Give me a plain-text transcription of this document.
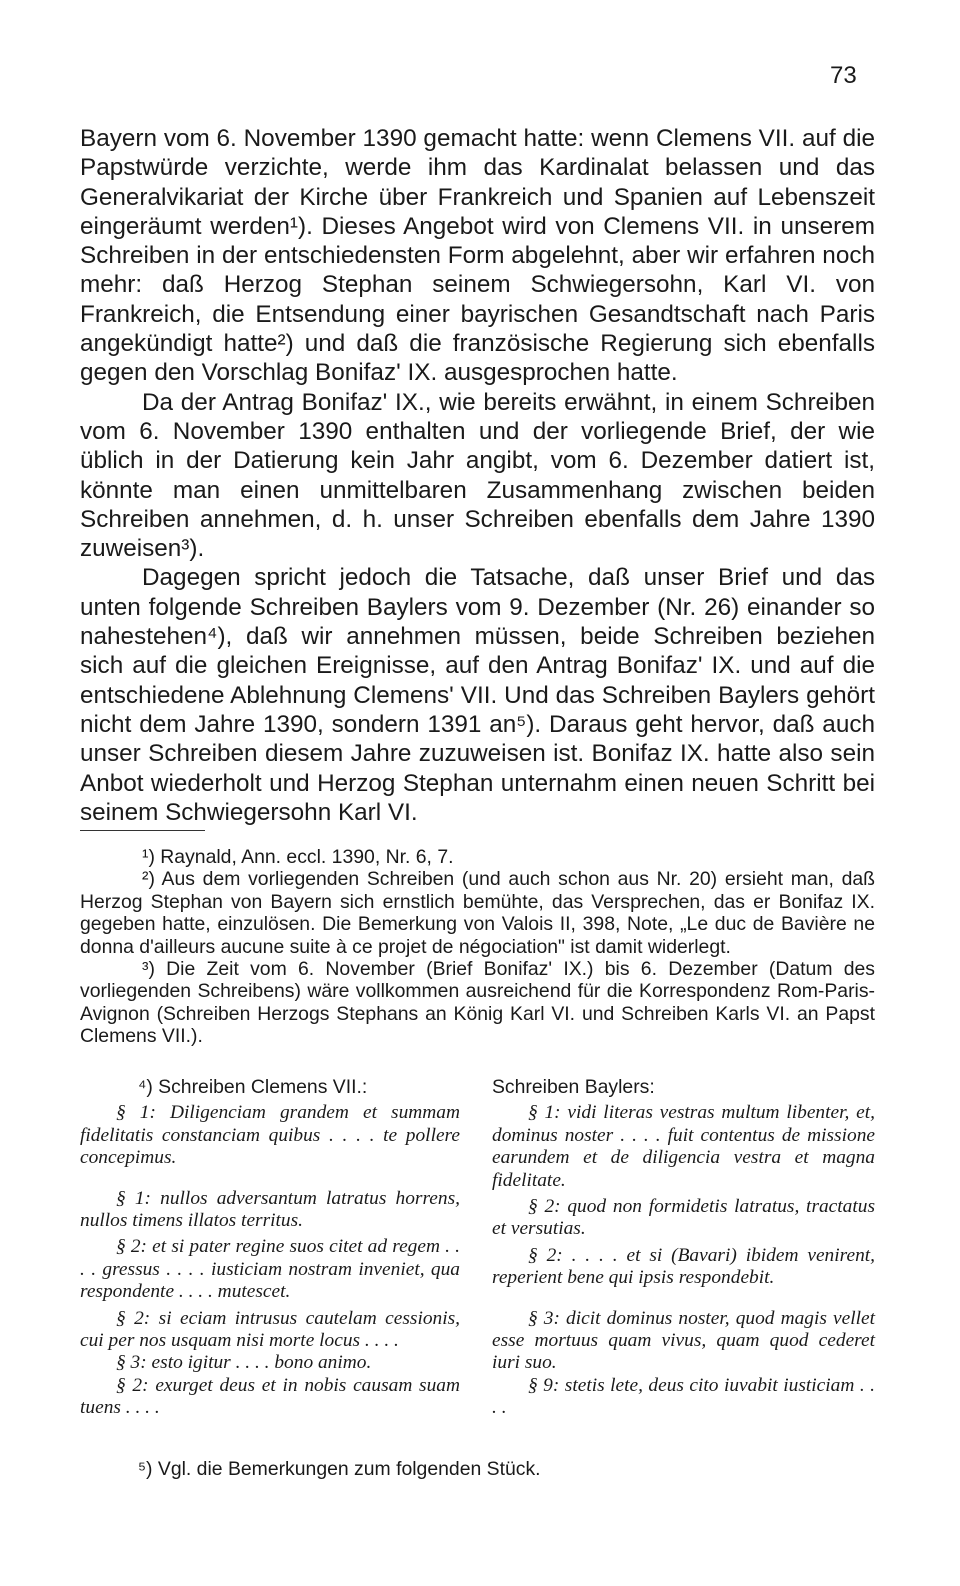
73

Bayern vom 6. November 1390 gemacht hatte: wenn Clemens VII. auf die Papstwürde verzichte, werde ihm das Kardinalat belassen und das Generalvikariat der Kirche über Frankreich und Spanien auf Lebenszeit eingeräumt werden¹). Dieses Angebot wird von Clemens VII. in unserem Schreiben in der entschiedensten Form abgelehnt, aber wir erfahren noch mehr: daß Herzog Stephan seinem Schwiegersohn, Karl VI. von Frankreich, die Entsendung einer bayrischen Gesandtschaft nach Paris angekündigt hatte²) und daß die französische Regierung sich ebenfalls gegen den Vorschlag Bonifaz' IX. ausgesprochen hatte.

Da der Antrag Bonifaz' IX., wie bereits erwähnt, in einem Schreiben vom 6. November 1390 enthalten und der vorliegende Brief, der wie üblich in der Datierung kein Jahr angibt, vom 6. Dezember datiert ist, könnte man einen unmittelbaren Zusammenhang zwischen beiden Schreiben annehmen, d. h. unser Schreiben ebenfalls dem Jahre 1390 zuweisen³).

Dagegen spricht jedoch die Tatsache, daß unser Brief und das unten folgende Schreiben Baylers vom 9. Dezember (Nr. 26) einander so nahestehen⁴), daß wir annehmen müssen, beide Schreiben beziehen sich auf die gleichen Ereignisse, auf den Antrag Bonifaz' IX. und auf die entschiedene Ablehnung Clemens' VII. Und das Schreiben Baylers gehört nicht dem Jahre 1390, sondern 1391 an⁵). Daraus geht hervor, daß auch unser Schreiben diesem Jahre zuzuweisen ist. Bonifaz IX. hatte also sein Anbot wiederholt und Herzog Stephan unternahm einen neuen Schritt bei seinem Schwiegersohn Karl VI.

¹) Raynald, Ann. eccl. 1390, Nr. 6, 7.

²) Aus dem vorliegenden Schreiben (und auch schon aus Nr. 20) ersieht man, daß Herzog Stephan von Bayern sich ernstlich bemühte, das Versprechen, das er Bonifaz IX. gegeben hatte, einzulösen. Die Bemerkung von Valois II, 398, Note, „Le duc de Bavière ne donna d'ailleurs aucune suite à ce projet de négociation" ist damit widerlegt.

³) Die Zeit vom 6. November (Brief Bonifaz' IX.) bis 6. Dezember (Datum des vorliegenden Schreibens) wäre vollkommen ausreichend für die Korrespondenz Rom-Paris-Avignon (Schreiben Herzogs Stephans an König Karl VI. und Schreiben Karls VI. an Papst Clemens VII.).

⁴) Schreiben Clemens VII.:

§ 1: Diligenciam grandem et summam fidelitatis constanciam quibus . . . . te pollere concepimus.

§ 1: nullos adversantum latratus horrens, nullos timens illatos territus.

§ 2: et si pater regine suos citet ad regem . . . . gressus . . . . iusticiam nostram inveniet, qua respondente . . . . mutescet.

§ 2: si eciam intrusus cautelam cessionis, cui per nos usquam nisi morte locus . . . .

§ 3: esto igitur . . . . bono animo.

§ 2: exurget deus et in nobis causam suam tuens . . . .

Schreiben Baylers:

§ 1: vidi literas vestras multum libenter, et, dominus noster . . . . fuit contentus de missione earundem et de diligencia vestra et magna fidelitate.

§ 2: quod non formidetis latratus, tractatus et versutias.

§ 2: . . . . et si (Bavari) ibidem venirent, reperient bene qui ipsis respondebit.

§ 3: dicit dominus noster, quod magis vellet esse mortuus quam vivus, quam quod cederet iuri suo.

§ 9: stetis lete, deus cito iuvabit iusticiam . . . .

⁵) Vgl. die Bemerkungen zum folgenden Stück.
